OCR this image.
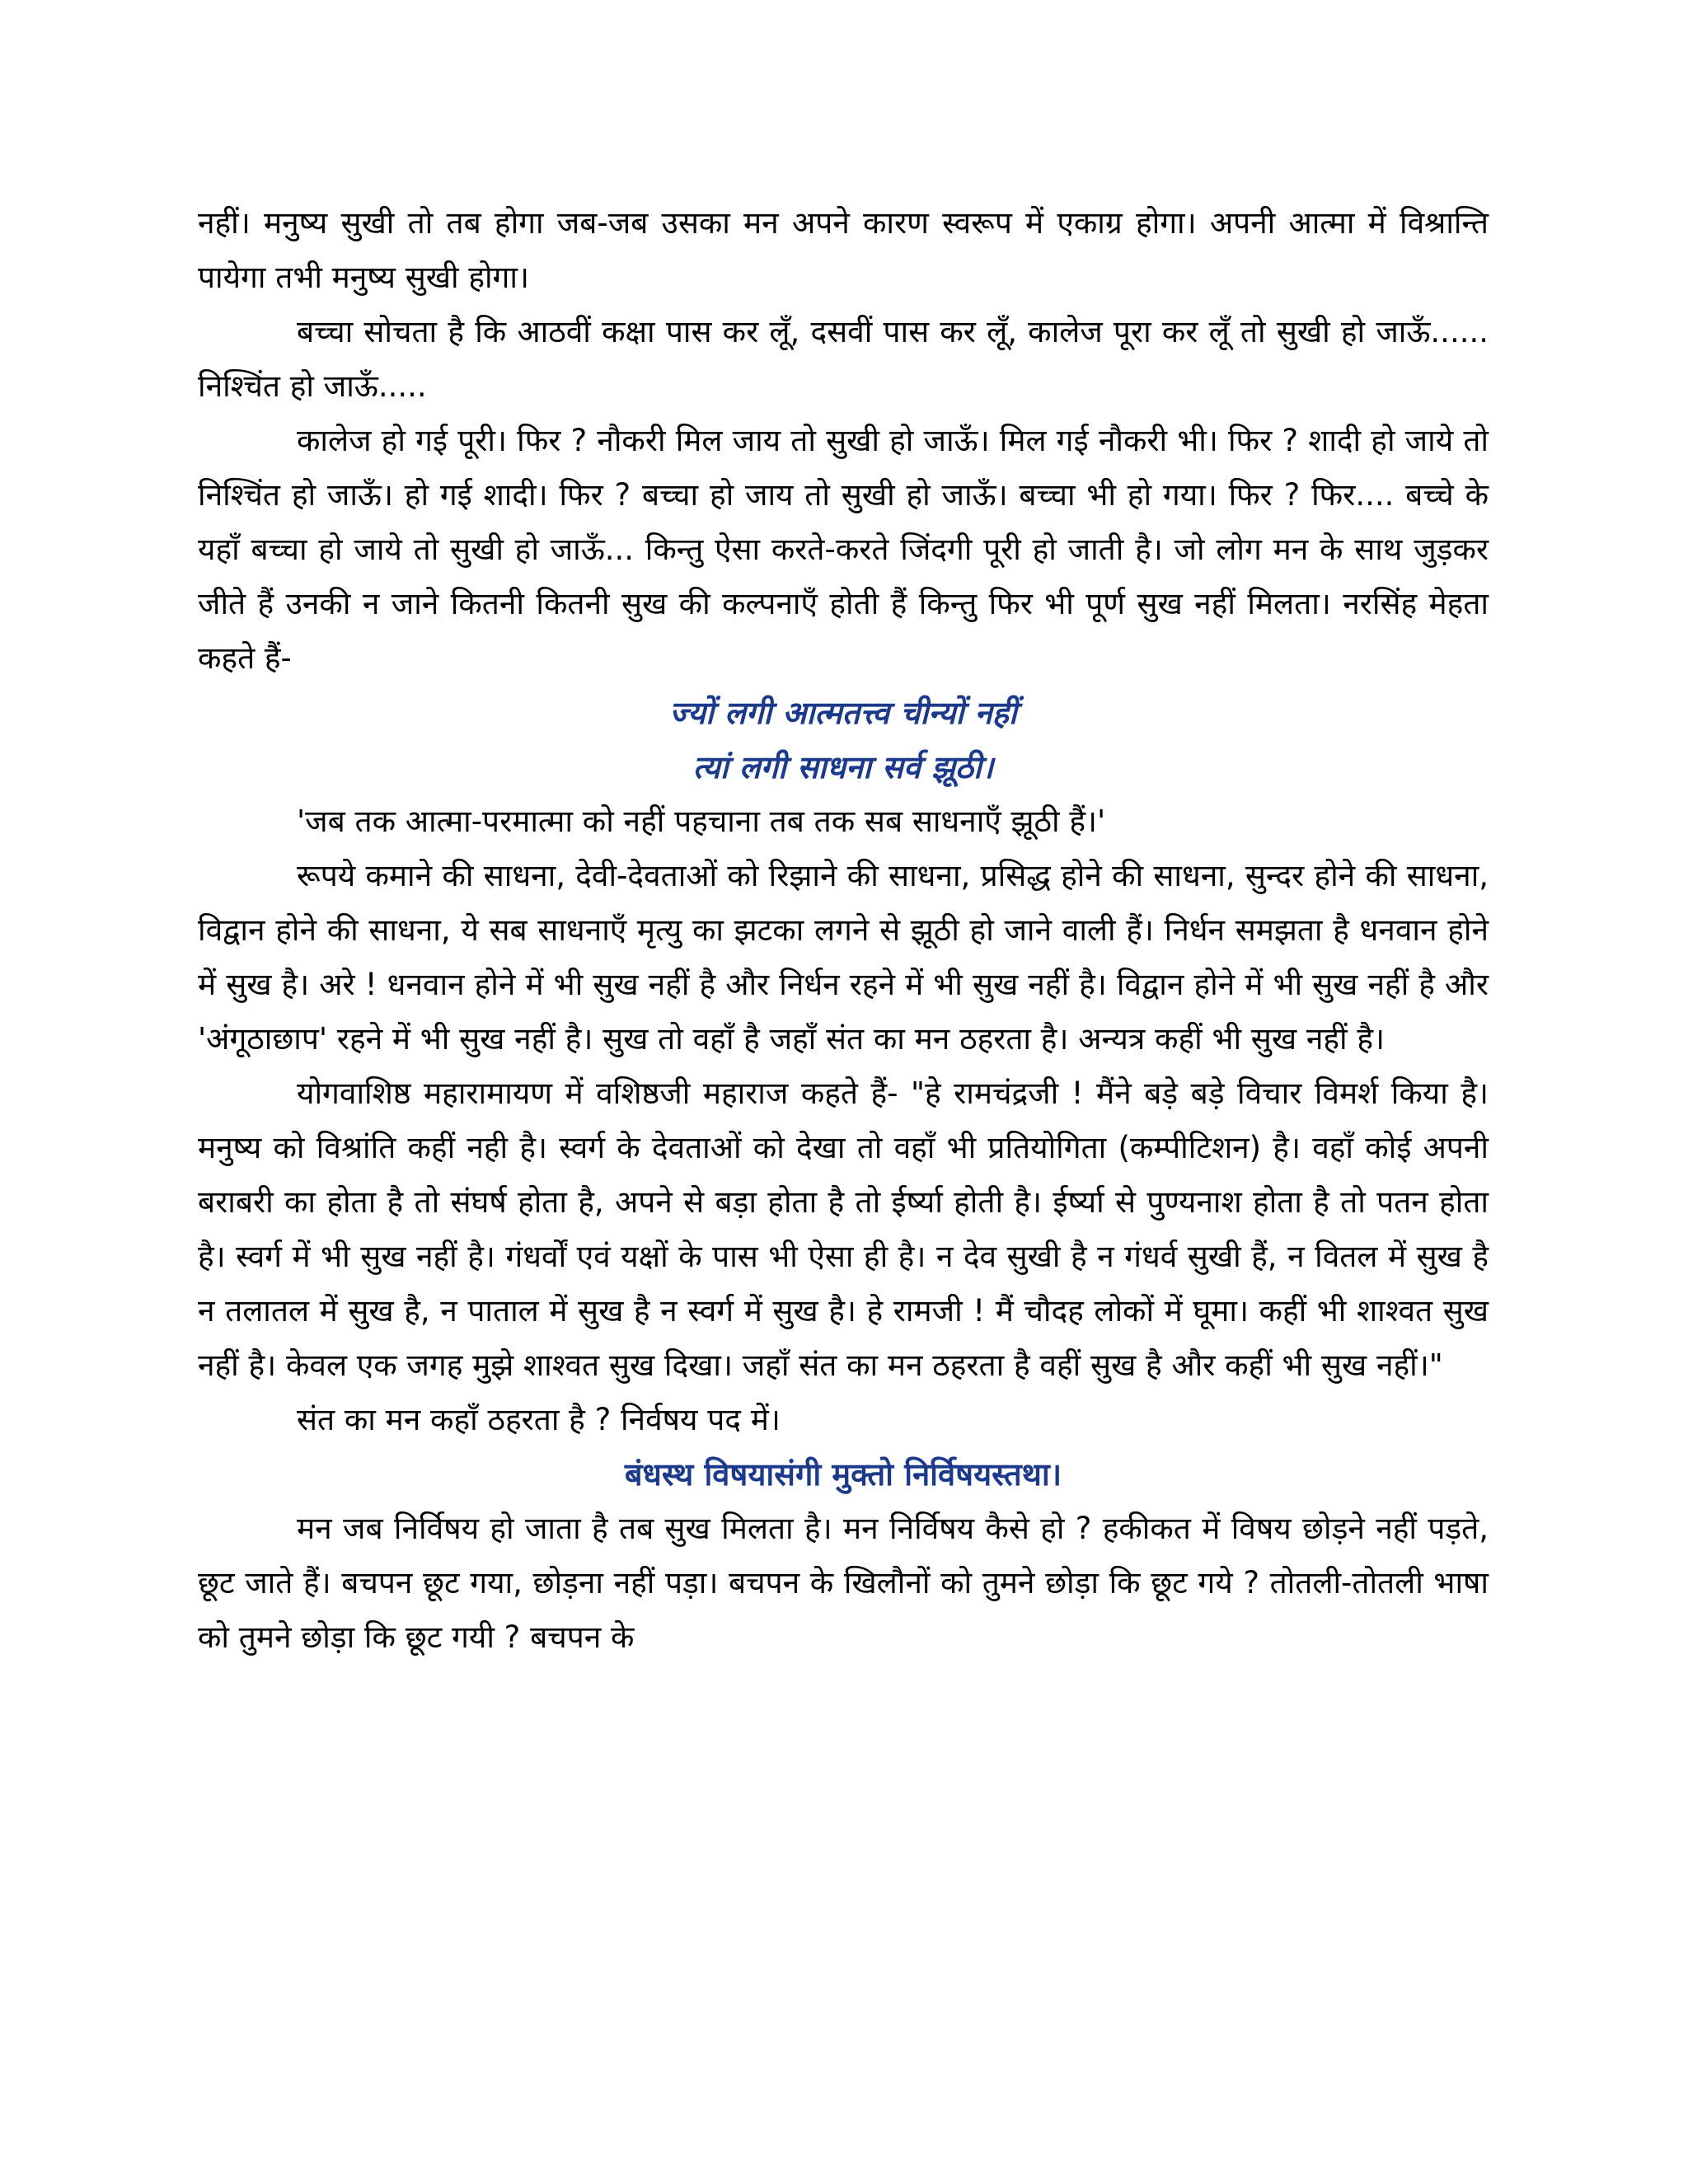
नहीं। मनुष्य सुखी तो तब होगा जब-जब उसका मन अपने कारण स्वरूप में एकाग्र होगा। अपनी आत्मा में विश्रान्ति पायेगा तभी मनुष्य सुखी होगा।

बच्चा सोचता है कि आठवीं कक्षा पास कर लूँ, दसवीं पास कर लूँ, कालेज पूरा कर लूँ तो सुखी हो जाऊँ...... निश्चिंत हो जाऊँ.....

कालेज हो गई पूरी। फिर ? नौकरी मिल जाय तो सुखी हो जाऊँ। मिल गई नौकरी भी। फिर ? शादी हो जाये तो निश्चिंत हो जाऊँ। हो गई शादी। फिर ? बच्चा हो जाय तो सुखी हो जाऊँ। बच्चा भी हो गया। फिर ? फिर.... बच्चे के यहाँ बच्चा हो जाये तो सुखी हो जाऊँ... किन्तु ऐसा करते-करते जिंदगी पूरी हो जाती है। जो लोग मन के साथ जुड़कर जीते हैं उनकी न जाने कितनी कितनी सुख की कल्पनाएँ होती हैं किन्तु फिर भी पूर्ण सुख नहीं मिलता। नरसिंह मेहता कहते हैं-

ज्यों लगी आत्मतत्त्व चीन्यों नहीं

त्यां लगी साधना सर्व झूठी।

'जब तक आत्मा-परमात्मा को नहीं पहचाना तब तक सब साधनाएँ झूठी हैं।'

रूपये कमाने की साधना, देवी-देवताओं को रिझाने की साधना, प्रसिद्ध होने की साधना, सुन्दर होने की साधना, विद्वान होने की साधना, ये सब साधनाएँ मृत्यु का झटका लगने से झूठी हो जाने वाली हैं। निर्धन समझता है धनवान होने में सुख है। अरे ! धनवान होने में भी सुख नहीं है और निर्धन रहने में भी सुख नहीं है। विद्वान होने में भी सुख नहीं है और 'अंगूठाछाप' रहने में भी सुख नहीं है। सुख तो वहाँ है जहाँ संत का मन ठहरता है। अन्यत्र कहीं भी सुख नहीं है।

योगवाशिष्ठ महारामायण में वशिष्ठजी महाराज कहते हैं- "हे रामचंद्रजी ! मैंने बड़े बड़े विचार विमर्श किया है। मनुष्य को विश्रांति कहीं नही है। स्वर्ग के देवताओं को देखा तो वहाँ भी प्रतियोगिता (कम्पीटिशन) है। वहाँ कोई अपनी बराबरी का होता है तो संघर्ष होता है, अपने से बड़ा होता है तो ईर्ष्या होती है। ईर्ष्या से पुण्यनाश होता है तो पतन होता है। स्वर्ग में भी सुख नहीं है। गंधर्वों एवं यक्षों के पास भी ऐसा ही है। न देव सुखी है न गंधर्व सुखी हैं, न वितल में सुख है न तलातल में सुख है, न पाताल में सुख है न स्वर्ग में सुख है। हे रामजी ! मैं चौदह लोकों में घूमा। कहीं भी शाश्वत सुख नहीं है। केवल एक जगह मुझे शाश्वत सुख दिखा। जहाँ संत का मन ठहरता है वहीं सुख है और कहीं भी सुख नहीं।"

संत का मन कहाँ ठहरता है ? निर्वषय पद में।

बंधस्थ विषयासंगी मुक्तो निर्विषयस्तथा।

मन जब निर्विषय हो जाता है तब सुख मिलता है। मन निर्विषय कैसे हो ? हकीकत में विषय छोड़ने नहीं पड़ते, छूट जाते हैं। बचपन छूट गया, छोड़ना नहीं पड़ा। बचपन के खिलौनों को तुमने छोड़ा कि छूट गये ? तोतली-तोतली भाषा को तुमने छोड़ा कि छूट गयी ? बचपन के
